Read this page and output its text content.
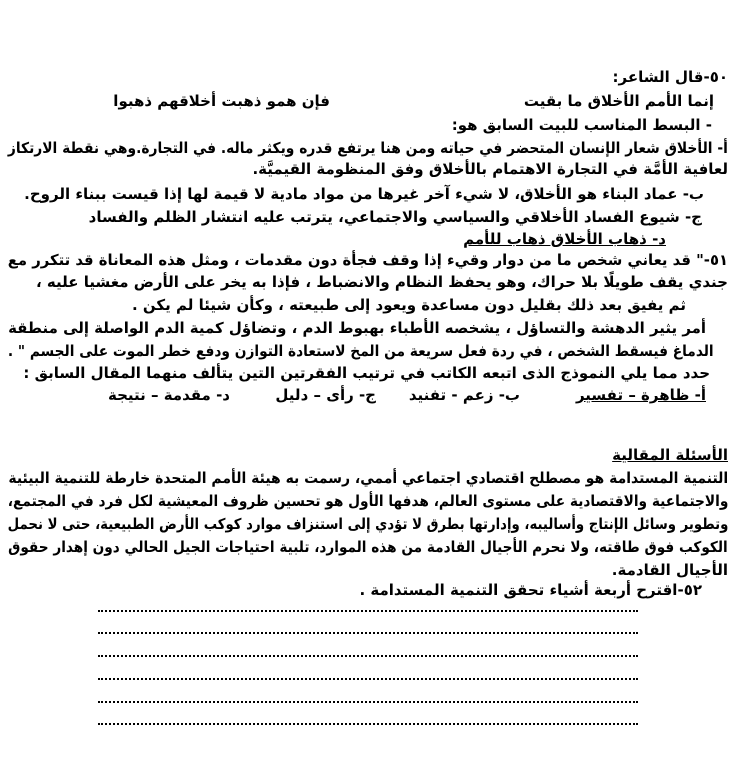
٥٠-قال الشاعر:
إنما الأمم الأخلاق ما بقيت
فإن همو ذهبت أخلاقهم ذهبوا
- البسط المناسب للبيت السابق هو:
أ- الأخلاق شعار الإنسان المتحضر في حياته ومن هنا يرتفع قدره ويكثر ماله. في التجارة.وهي نقطة الارتكاز
لعافية الأمَّة في التجارة الاهتمام بالأخلاق وفق المنظومة القيميَّة.
ب- عماد البناء هو الأخلاق، لا شيء آخر غيرها من مواد مادية لا قيمة لها إذا قيست ببناء الروح.
ج- شيوع الفساد الأخلاقي والسياسي والاجتماعي، يترتب عليه انتشار الظلم والفساد
د- ذهاب الأخلاق ذهاب للأمم
٥١-" قد يعاني شخص ما من دوار وقيء إذا وقف فجأة دون مقدمات ، ومثل هذه المعاناة قد تتكرر مع
جندي يقف طويلًا بلا حراك، وهو يحفظ النظام والانضباط ، فإذا به يخر على الأرض مغشيا عليه ،
ثم يفيق بعد ذلك بقليل دون مساعدة ويعود إلى طبيعته ، وكأن شيئا لم يكن .
أمر يثير الدهشة والتساؤل ، يشخصه الأطباء بهبوط الدم ، وتضاؤل كمية الدم الواصلة إلى منطقة
الدماغ فيسقط الشخص ، في ردة فعل سريعة من المخ لاستعادة التوازن ودفع خطر الموت على الجسم " .
حدد مما يلي النموذج الذى اتبعه الكاتب في ترتيب الفقرتين التين يتألف منهما المقال السابق :
أ- ظاهرة – تفسير
ب- زعم - تفنيد
ج- رأى – دليل
د- مقدمة – نتيجة
الأسئلة المقالية
التنمية المستدامة هو مصطلح اقتصادي اجتماعي أممي، رسمت به هيئة الأمم المتحدة خارطة للتنمية البيئية
والاجتماعية والاقتصادية على مستوى العالم، هدفها الأول هو تحسين ظروف المعيشية لكل فرد في المجتمع،
وتطوير وسائل الإنتاج وأساليبه، وإدارتها بطرق لا تؤدي إلى استنزاف موارد كوكب الأرض الطبيعية، حتى لا نحمل
الكوكب فوق طاقته، ولا نحرم الأجيال القادمة من هذه الموارد، تلبية احتياجات الجيل الحالي دون إهدار حقوق
الأجيال القادمة.
٥٢-اقترح أربعة أشياء تحقق التنمية المستدامة .
